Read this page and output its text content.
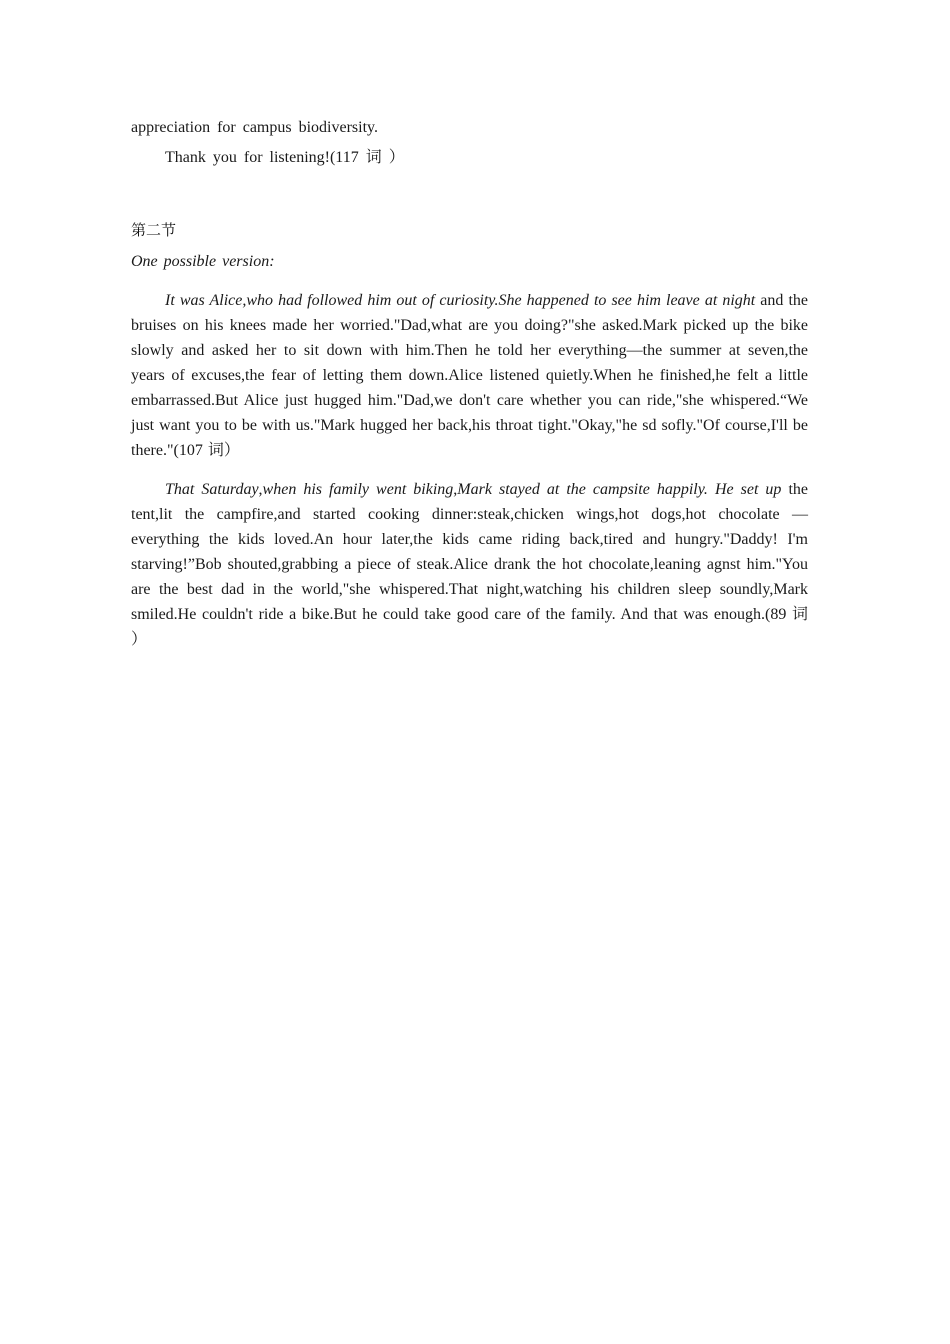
appreciation for campus biodiversity.
Thank you for listening!(117 词 ）
第二节
One possible version:
It was Alice,who had followed him out of curiosity.She happened to see him leave at night and the bruises on his knees made her worried."Dad,what are you doing?"she asked.Mark picked up the bike slowly and asked her to sit down with him.Then he told her everything—the summer at seven,the years of excuses,the fear of letting them down.Alice listened quietly.When he finished,he felt a little embarrassed.But Alice just hugged him."Dad,we don't care whether you can ride,"she whispered.“We just want you to be with us."Mark hugged her back,his throat tight."Okay,"he sd sofly."Of course,I'll be there."(107 词）
That Saturday,when his family went biking,Mark stayed at the campsite happily. He set up the tent,lit the campfire,and started cooking dinner:steak,chicken wings,hot dogs,hot chocolate —everything the kids loved.An hour later,the kids came riding back,tired and hungry."Daddy! I'm starving!”Bob shouted,grabbing a piece of steak.Alice drank the hot chocolate,leaning agnst him."You are the best dad in the world,"she whispered.That night,watching his children sleep soundly,Mark smiled.He couldn't ride a bike.But he could take good care of the family. And that was enough.(89 词 ）
